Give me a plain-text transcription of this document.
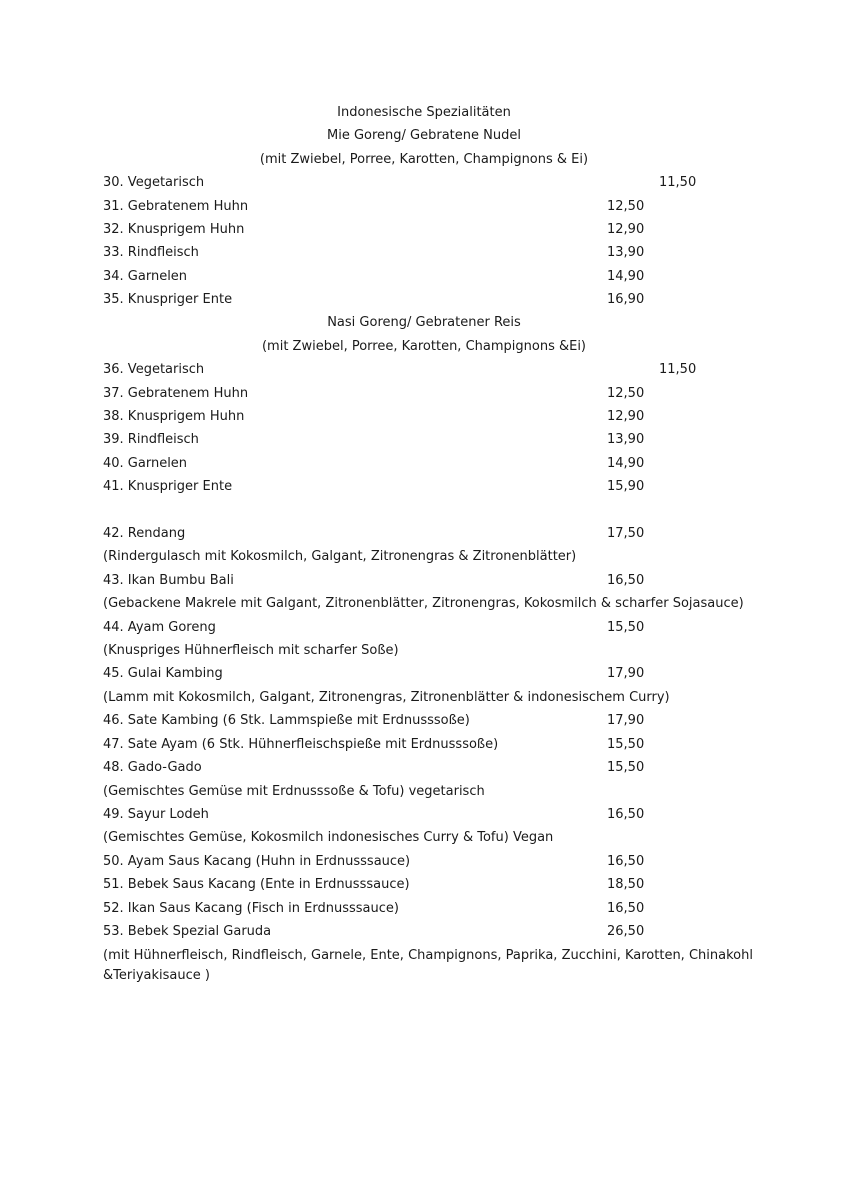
Indonesische Spezialitäten
Mie Goreng/ Gebratene Nudel
(mit Zwiebel, Porree, Karotten, Champignons & Ei)
30. Vegetarisch	11,50
31. Gebratenem Huhn	12,50
32. Knusprigem Huhn	12,90
33. Rindfleisch	13,90
34. Garnelen	14,90
35. Knuspriger Ente	16,90
Nasi Goreng/ Gebratener Reis
(mit Zwiebel, Porree, Karotten, Champignons &Ei)
36. Vegetarisch	11,50
37. Gebratenem Huhn	12,50
38. Knusprigem Huhn	12,90
39. Rindfleisch	13,90
40. Garnelen	14,90
41. Knuspriger Ente	15,90
42. Rendang	17,50
(Rindergulasch mit Kokosmilch, Galgant, Zitronengras & Zitronenblätter)
43. Ikan Bumbu Bali	16,50
(Gebackene Makrele mit Galgant, Zitronenblätter, Zitronengras, Kokosmilch & scharfer Sojasauce)
44. Ayam Goreng	15,50
(Knuspriges Hühnerfleisch mit scharfer Soße)
45. Gulai Kambing	17,90
(Lamm mit Kokosmilch, Galgant, Zitronengras, Zitronenblätter & indonesischem Curry)
46. Sate Kambing (6 Stk. Lammspieße mit Erdnusssoße)	17,90
47. Sate Ayam (6 Stk. Hühnerfleischspieße mit Erdnusssoße)	15,50
48. Gado-Gado	15,50
(Gemischtes Gemüse mit Erdnusssoße & Tofu) vegetarisch
49. Sayur Lodeh	16,50
(Gemischtes Gemüse, Kokosmilch indonesisches Curry & Tofu) Vegan
50. Ayam Saus Kacang (Huhn in Erdnusssauce)	16,50
51. Bebek Saus Kacang (Ente in Erdnusssauce)	18,50
52. Ikan Saus Kacang (Fisch in Erdnusssauce)	16,50
53. Bebek Spezial Garuda	26,50
(mit Hühnerfleisch, Rindfleisch, Garnele, Ente, Champignons, Paprika, Zucchini, Karotten, Chinakohl &Teriyakisauce )
